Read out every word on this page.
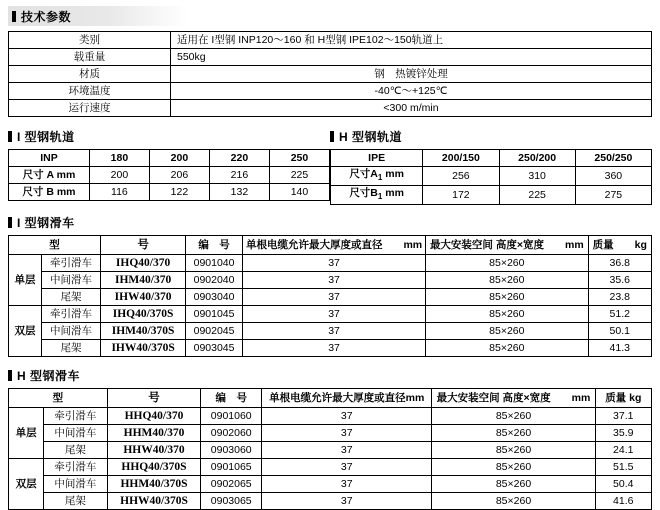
技术参数
类别	适用在 I型钢 INP120～160 和 H型钢 IPE102～150轨道上
载重量	550kg
材质	钢　热镀锌处理
环境温度	-40℃～+125℃
运行速度	<300 m/min
I 型钢轨道
INP	180	200	220	250
尺寸 A mm	200	206	216	225
尺寸 B mm	116	122	132	140
H 型钢轨道
IPE	200/150	250/200	250/250
尺寸$A_1$ mm	256	310	360
尺寸$B_1$ mm	172	225	275
I 型钢滑车
型		号	编　号	单根电缆允许最大厚度或直径　　mm	最大安装空间 高度×宽度　　mm	质量　　kg
单层	牵引滑车	IHQ40/370	0901040	37	85×260	36.8
	中间滑车	IHM40/370	0902040	37	85×260	35.6
	尾架	IHW40/370	0903040	37	85×260	23.8
双层	牵引滑车	IHQ40/370S	0901045	37	85×260	51.2
	中间滑车	IHM40/370S	0902045	37	85×260	50.1
	尾架	IHW40/370S	0903045	37	85×260	41.3
H 型钢滑车
型		号	编　号	单根电缆允许最大厚度或直径mm	最大安装空间 高度×宽度　　mm	质量 kg
单层	牵引滑车	HHQ40/370	0901060	37	85×260	37.1
	中间滑车	HHM40/370	0902060	37	85×260	35.9
	尾架	HHW40/370	0903060	37	85×260	24.1
双层	牵引滑车	HHQ40/370S	0901065	37	85×260	51.5
	中间滑车	HHM40/370S	0902065	37	85×260	50.4
	尾架	HHW40/370S	0903065	37	85×260	41.6
